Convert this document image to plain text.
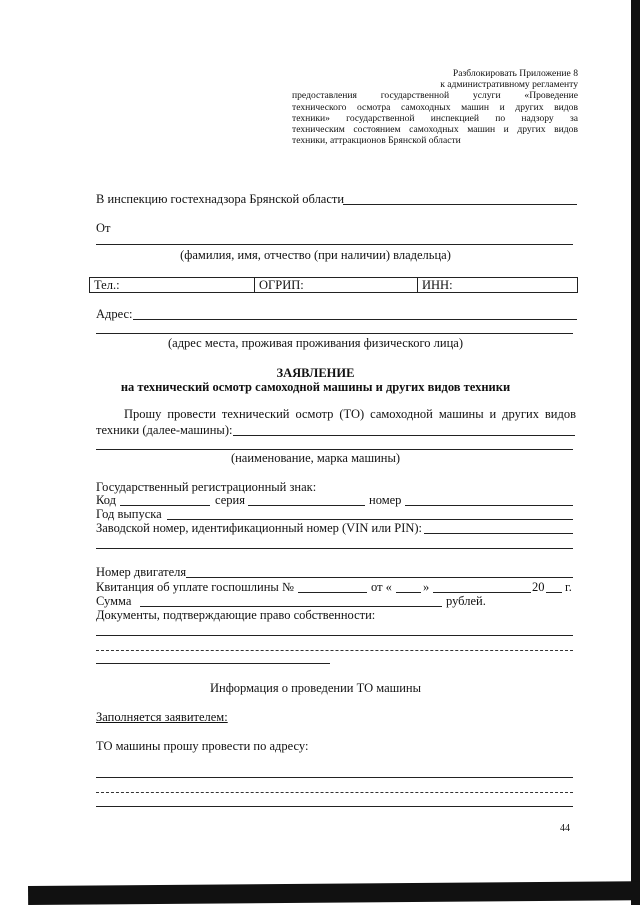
Разблокировать Приложение 8
к административному регламенту
предоставления государственной услуги «Проведение
технического осмотра самоходных машин и других видов
техники» государственной инспекцией по надзору за
техническим состоянием самоходных машин и других видов
техники, аттракционов Брянской области
В инспекцию гостехнадзора Брянской области
От
(фамилия, имя, отчество (при наличии) владельца)
Тел.:	ОГРИП:	ИНН:
Адрес:
(адрес места, проживая проживания физического лица)
ЗАЯВЛЕНИЕ
на технический осмотр самоходной машины и других видов техники
Прошу провести технический осмотр (ТО) самоходной машины и других видов
техники (далее-машины):
(наименование, марка машины)
Государственный регистрационный знак:
Код	серия	номер
Год выпуска
Заводской номер, идентификационный номер (VIN или PIN):
Номер двигателя
Квитанция об уплате госпошлины №	от « »	20 г.
Сумма	рублей.
Документы, подтверждающие право собственности:
Информация о проведении ТО машины
Заполняется заявителем:
ТО машины прошу провести по адресу:
44
